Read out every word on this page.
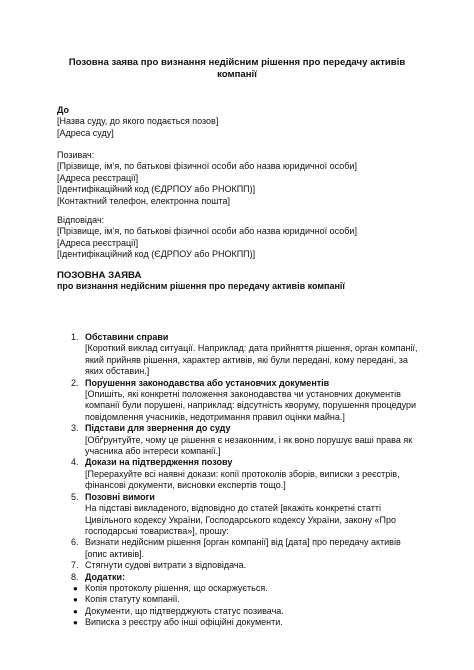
Позовна заява про визнання недійсним рішення про передачу активів
компанії
До
[Назва суду, до якого подається позов]
[Адреса суду]
Позивач:
[Прізвище, ім’я, по батькові фізичної особи або назва юридичної особи]
[Адреса реєстрації]
[Ідентифікаційний код (ЄДРПОУ або РНОКПП)]
[Контактний телефон, електронна пошта]
Відповідач:
[Прізвище, ім’я, по батькові фізичної особи або назва юридичної особи]
[Адреса реєстрації]
[Ідентифікаційний код (ЄДРПОУ або РНОКПП)]
ПОЗОВНА ЗАЯВА
про визнання недійсним рішення про передачу активів компанії
1. Обставини справи
[Короткий виклад ситуації. Наприклад: дата прийняття рішення, орган компанії,
який прийняв рішення, характер активів, які були передані, кому передані, за
яких обставин.]
2. Порушення законодавства або установчих документів
[Опишіть, які конкретні положення законодавства чи установчих документів
компанії були порушені, наприклад: відсутність кворуму, порушення процедури
повідомлення учасників, недотримання правил оцінки майна.]
3. Підстави для звернення до суду
[Обґрунтуйте, чому це рішення є незаконним, і як воно порушує ваші права як
учасника або інтереси компанії.]
4. Докази на підтвердження позову
[Перерахуйте всі наявні докази: копії протоколів зборів, виписки з реєстрів,
фінансові документи, висновки експертів тощо.]
5. Позовні вимоги
На підставі викладеного, відповідно до статей [вкажіть конкретні статті
Цивільного кодексу України, Господарського кодексу України, закону «Про
господарські товариства»], прошу:
6. Визнати недійсним рішення [орган компанії] від [дата] про передачу активів
[опис активів].
7. Стягнути судові витрати з відповідача.
8. Додатки:
● Копія протоколу рішення, що оскаржується.
● Копія статуту компанії.
● Документи, що підтверджують статус позивача.
● Виписка з реєстру або інші офіційні документи.
